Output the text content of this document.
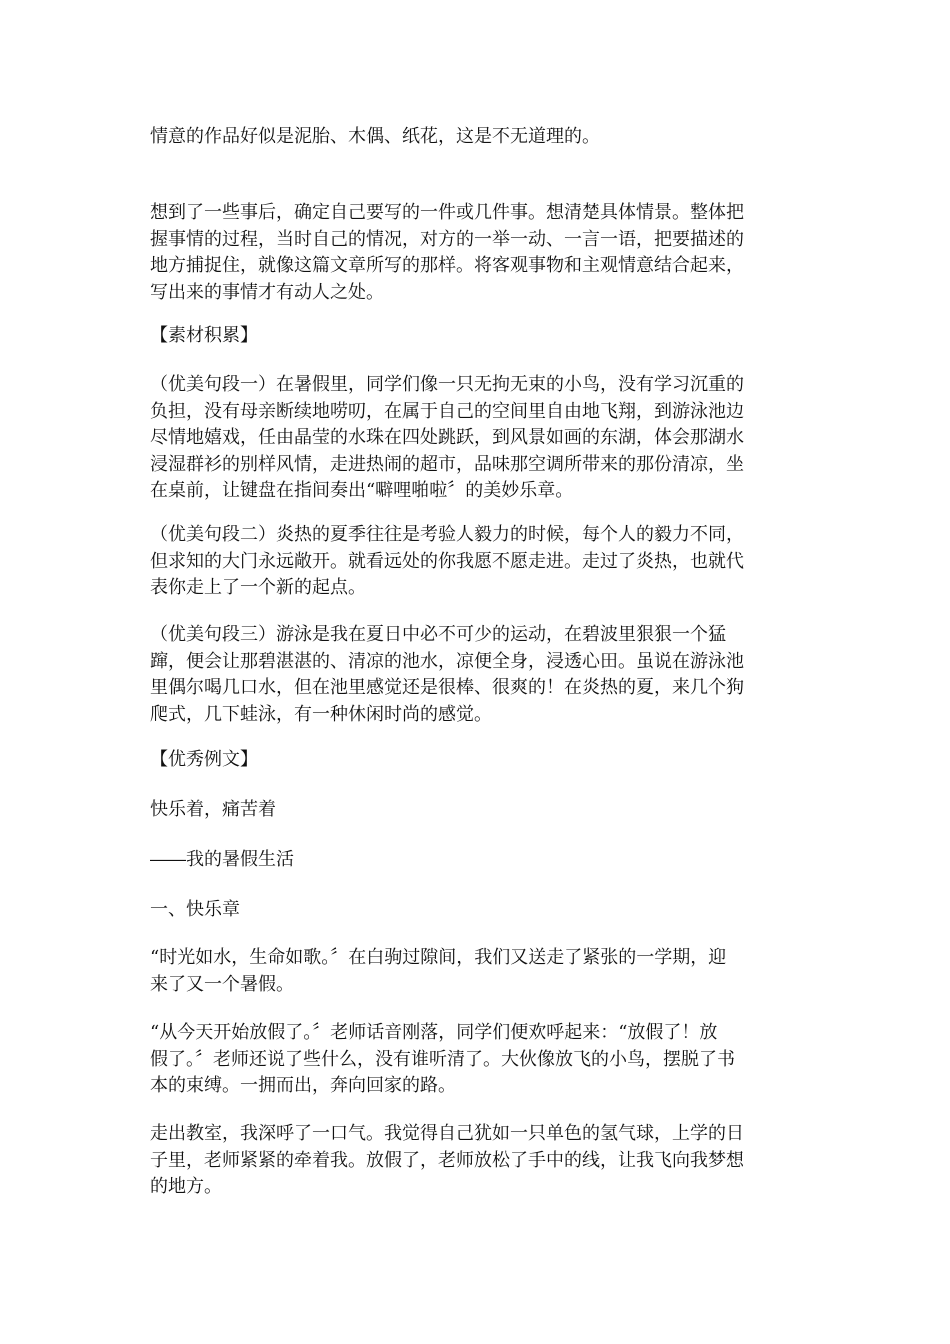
情意的作品好似是泥胎、木偶、纸花，这是不无道理的。
想到了一些事后，确定自己要写的一件或几件事。想清楚具体情景。整体把
握事情的过程，当时自己的情况，对方的一举一动、一言一语，把要描述的
地方捕捉住，就像这篇文章所写的那样。将客观事物和主观情意结合起来，
写出来的事情才有动人之处。
【素材积累】
（优美句段一）在暑假里，同学们像一只无拘无束的小鸟，没有学习沉重的
负担，没有母亲断续地唠叨，在属于自己的空间里自由地飞翔，到游泳池边
尽情地嬉戏，任由晶莹的水珠在四处跳跃，到风景如画的东湖，体会那湖水
浸湿群衫的别样风情，走进热闹的超市，品味那空调所带来的那份清凉，坐
在桌前，让键盘在指间奏出“噼哩啪啦〞的美妙乐章。
（优美句段二）炎热的夏季往往是考验人毅力的时候，每个人的毅力不同，
但求知的大门永远敞开。就看远处的你我愿不愿走进。走过了炎热，也就代
表你走上了一个新的起点。
（优美句段三）游泳是我在夏日中必不可少的运动，在碧波里狠狠一个猛
蹿，便会让那碧湛湛的、清凉的池水，凉便全身，浸透心田。虽说在游泳池
里偶尔喝几口水，但在池里感觉还是很棒、很爽的！在炎热的夏，来几个狗
爬式，几下蛙泳，有一种休闲时尚的感觉。
【优秀例文】
快乐着，痛苦着
――我的暑假生活
一、快乐章
“时光如水，生命如歌。〞在白驹过隙间，我们又送走了紧张的一学期，迎
来了又一个暑假。
“从今天开始放假了。〞老师话音刚落，同学们便欢呼起来：“放假了！放
假了。〞老师还说了些什么，没有谁听清了。大伙像放飞的小鸟，摆脱了书
本的束缚。一拥而出，奔向回家的路。
走出教室，我深呼了一口气。我觉得自己犹如一只单色的氢气球，上学的日
子里，老师紧紧的牵着我。放假了，老师放松了手中的线，让我飞向我梦想
的地方。
